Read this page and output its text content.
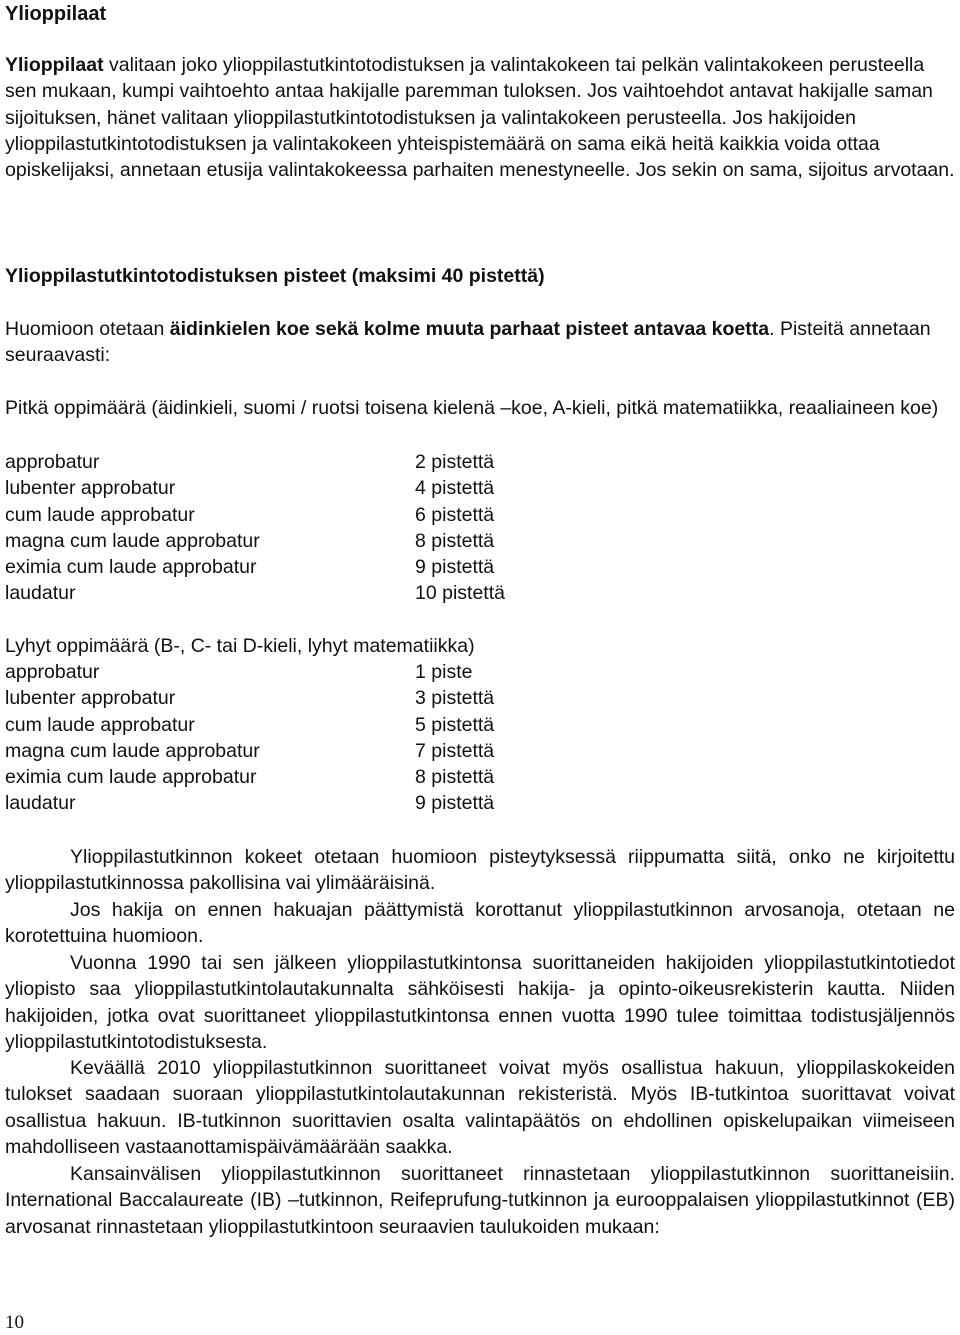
Ylioppilaat
Ylioppilaat valitaan joko ylioppilastutkintotodistuksen ja valintakokeen tai pelkän valintakokeen perusteella sen mukaan, kumpi vaihtoehto antaa hakijalle paremman tuloksen. Jos vaihtoehdot antavat hakijalle saman sijoituksen, hänet valitaan ylioppilastutkintotodistuksen ja valintakokeen perusteella. Jos hakijoiden ylioppilastutkintotodistuksen ja valintakokeen yhteispistemäärä on sama eikä heitä kaikkia voida ottaa opiskelijaksi, annetaan etusija valintakokeessa parhaiten menestyneelle. Jos sekin on sama, sijoitus arvotaan.
Ylioppilastutkintotodistuksen pisteet (maksimi 40 pistettä)
Huomioon otetaan äidinkielen koe sekä kolme muuta parhaat pisteet antavaa koetta. Pisteitä annetaan seuraavasti:
Pitkä oppimäärä (äidinkieli, suomi / ruotsi toisena kielenä –koe, A-kieli, pitkä matematiikka, reaaliaineen koe)
approbatur	2 pistettä
lubenter approbatur	4 pistettä
cum laude approbatur	6 pistettä
magna cum laude approbatur	8 pistettä
eximia cum laude approbatur	9 pistettä
laudatur	10 pistettä
Lyhyt oppimäärä (B-, C- tai D-kieli, lyhyt matematiikka)
approbatur	1 piste
lubenter approbatur	3 pistettä
cum laude approbatur	5 pistettä
magna cum laude approbatur	7 pistettä
eximia cum laude approbatur	8 pistettä
laudatur	9 pistettä
Ylioppilastutkinnon kokeet otetaan huomioon pisteytyksessä riippumatta siitä, onko ne kirjoitettu ylioppilastutkinnossa pakollisina vai ylimääräisinä.
Jos hakija on ennen hakuajan päättymistä korottanut ylioppilastutkinnon arvosanoja, otetaan ne korotettuina huomioon.
Vuonna 1990 tai sen jälkeen ylioppilastutkintonsa suorittaneiden hakijoiden ylioppilastutkintotiedot yliopisto saa ylioppilastutkintolautakunnalta sähköisesti hakija- ja opinto-oikeusrekisterin kautta. Niiden hakijoiden, jotka ovat suorittaneet ylioppilastutkintonsa ennen vuotta 1990 tulee toimittaa todistusjäljennös ylioppilastutkintotodistuksesta.
Keväällä 2010 ylioppilastutkinnon suorittaneet voivat myös osallistua hakuun, ylioppilaskokeiden tulokset saadaan suoraan ylioppilastutkintolautakunnan rekisteristä. Myös IB-tutkintoa suorittavat voivat osallistua hakuun. IB-tutkinnon suorittavien osalta valintapäätös on ehdollinen opiskelupaikan viimeiseen mahdolliseen vastaanottamispäivämäärään saakka.
Kansainvälisen ylioppilastutkinnon suorittaneet rinnastetaan ylioppilastutkinnon suorittaneisiin. International Baccalaureate (IB) –tutkinnon, Reifeprufung-tutkinnon ja eurooppalaisen ylioppilastutkinnot (EB) arvosanat rinnastetaan ylioppilastutkintoon seuraavien taulukoiden mukaan:
10
